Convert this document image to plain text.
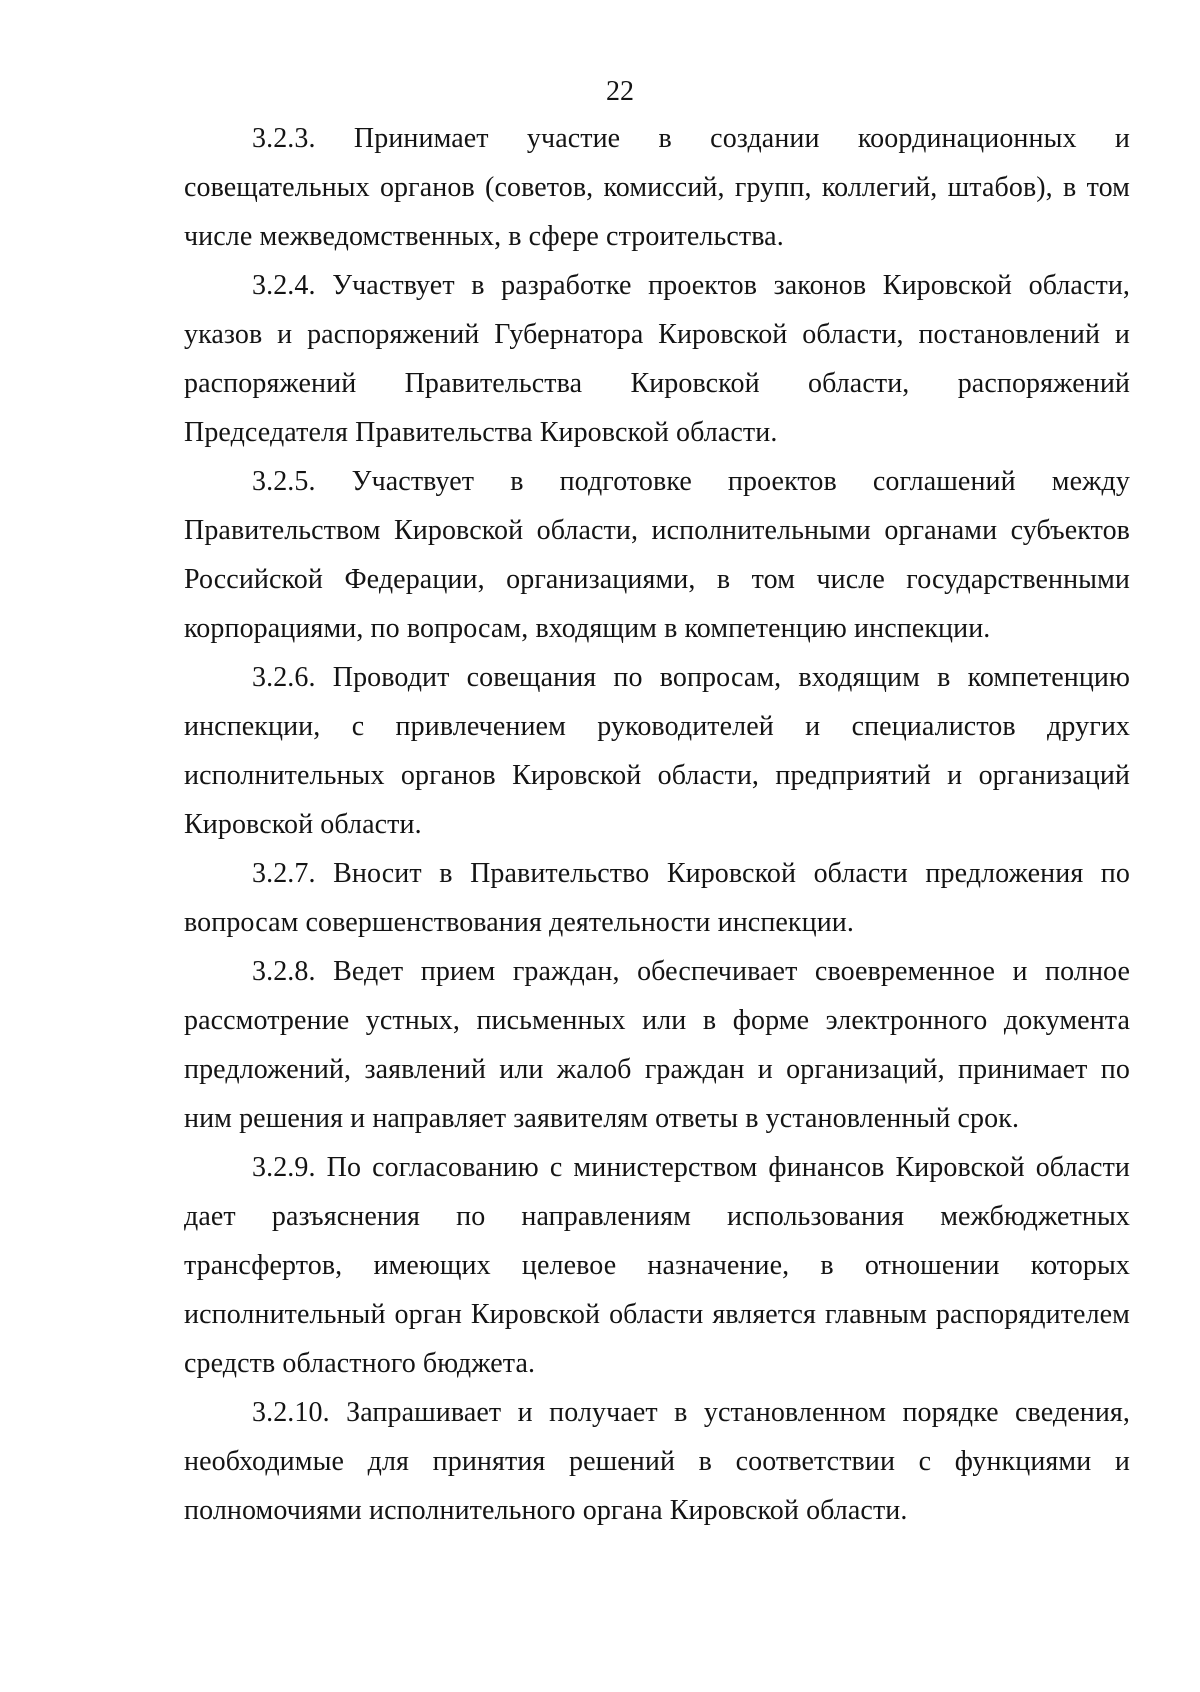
22

3.2.3. Принимает участие в создании координационных и совещательных органов (советов, комиссий, групп, коллегий, штабов), в том числе межведомственных, в сфере строительства.

3.2.4. Участвует в разработке проектов законов Кировской области, указов и распоряжений Губернатора Кировской области, постановлений и распоряжений Правительства Кировской области, распоряжений Председателя Правительства Кировской области.

3.2.5. Участвует в подготовке проектов соглашений между Правительством Кировской области, исполнительными органами субъектов Российской Федерации, организациями, в том числе государственными корпорациями, по вопросам, входящим в компетенцию инспекции.

3.2.6. Проводит совещания по вопросам, входящим в компетенцию инспекции, с привлечением руководителей и специалистов других исполнительных органов Кировской области, предприятий и организаций Кировской области.

3.2.7. Вносит в Правительство Кировской области предложения по вопросам совершенствования деятельности инспекции.

3.2.8. Ведет прием граждан, обеспечивает своевременное и полное рассмотрение устных, письменных или в форме электронного документа предложений, заявлений или жалоб граждан и организаций, принимает по ним решения и направляет заявителям ответы в установленный срок.

3.2.9. По согласованию с министерством финансов Кировской области дает разъяснения по направлениям использования межбюджетных трансфертов, имеющих целевое назначение, в отношении которых исполнительный орган Кировской области является главным распорядителем средств областного бюджета.

3.2.10. Запрашивает и получает в установленном порядке сведения, необходимые для принятия решений в соответствии с функциями и полномочиями исполнительного органа Кировской области.
